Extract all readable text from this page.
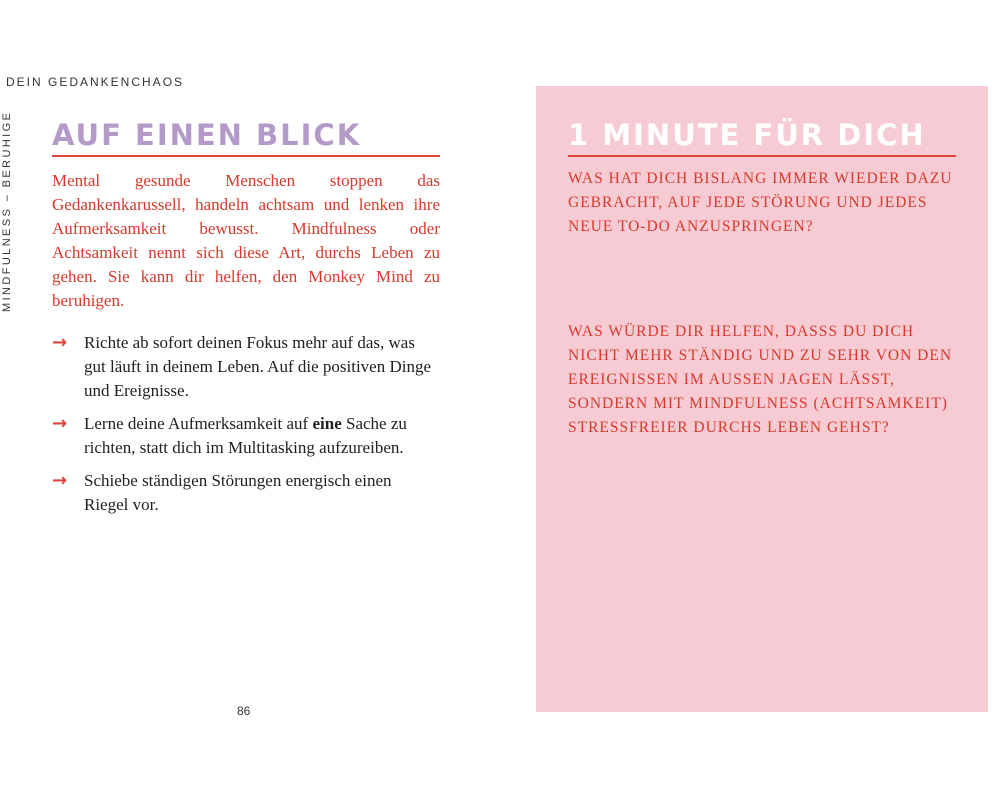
DEIN GEDANKENCHAOS
MINDFULNESS – BERUHIGE AUF EINEN BLICK

Mental gesunde Menschen stoppen das Gedankenkarussell, handeln achtsam und lenken ihre Aufmerksamkeit bewusst. Mindfulness oder Achtsamkeit nennt sich diese Art, durchs Leben zu gehen. Sie kann dir helfen, den Monkey Mind zu beruhigen.

→ Richte ab sofort deinen Fokus mehr auf das, was gut läuft in deinem Leben. Auf die positiven Dinge und Ereignisse.
→ Lerne deine Aufmerksamkeit auf eine Sache zu richten, statt dich im Multitasking aufzureiben.
→ Schiebe ständigen Störungen energisch einen Riegel vor.
86
1 MINUTE FÜR DICH

WAS HAT DICH BISLANG IMMER WIEDER DAZU GEBRACHT, AUF JEDE STÖRUNG UND JEDES NEUE TO-DO ANZUSPRINGEN?

WAS WÜRDE DIR HELFEN, DASSS DU DICH NICHT MEHR STÄNDIG UND ZU SEHR VON DEN EREIGNISSEN IM AUSSEN JAGEN LÄSST, SONDERN MIT MINDFULNESS (ACHTSAMKEIT) STRESSFREIER DURCHS LEBEN GEHST?
